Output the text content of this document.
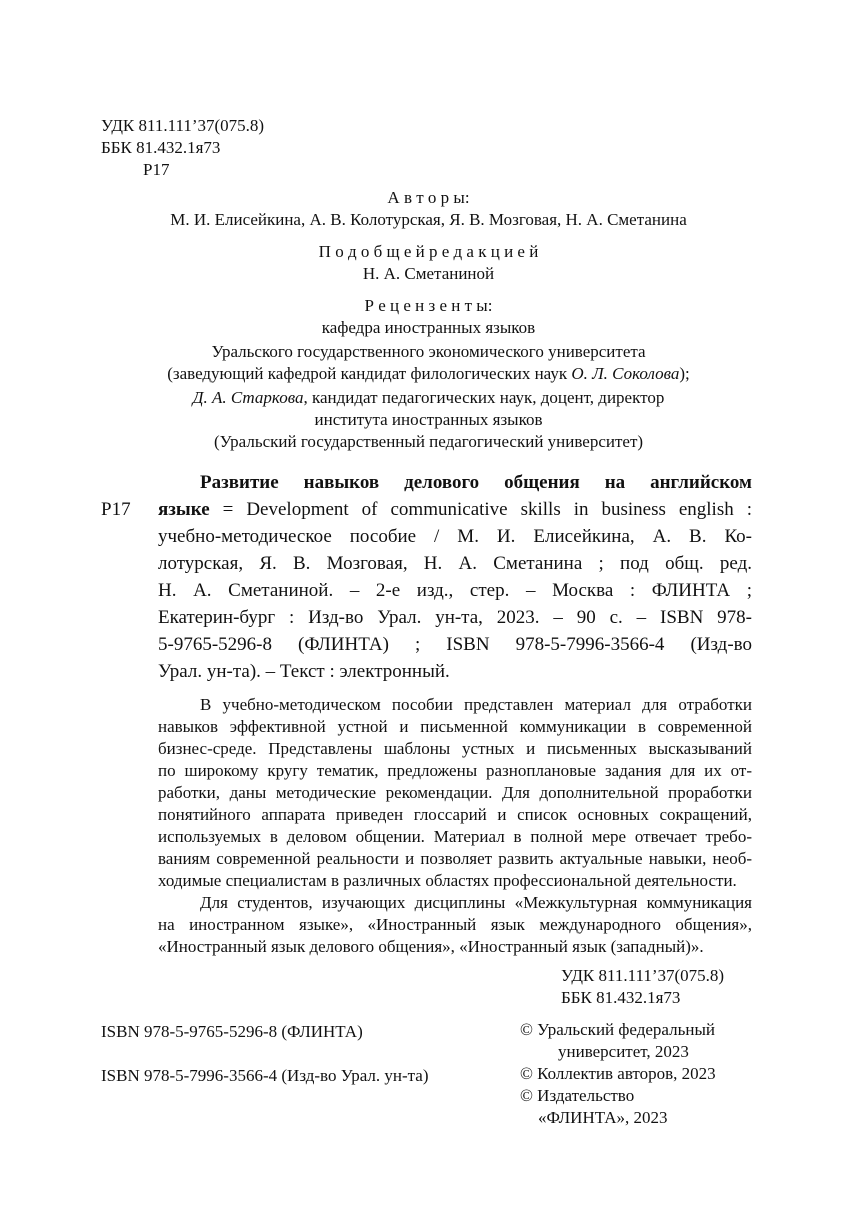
УДК 811.111’37(075.8)
ББК 81.432.1я73
Р17
А в т о р ы:
М. И. Елисейкина, А. В. Колотурская, Я. В. Мозговая, Н. А. Сметанина
П о д о б щ е й р е д а к ц и е й
Н. А. Сметаниной
Р е ц е н з е н т ы:
кафедра иностранных языков
Уральского государственного экономического университета
(заведующий кафедрой кандидат филологических наук О. Л. Соколова);
Д. А. Старкова, кандидат педагогических наук, доцент, директор
института иностранных языков
(Уральский государственный педагогический университет)
Р17
Развитие навыков делового общения на английском
языке = Development of communicative skills in business english :
учебно-методическое пособие / М. И. Елисейкина, А. В. Ко-
лотурская, Я. В. Мозговая, Н. А. Сметанина ; под общ. ред.
Н. А. Сметаниной. – 2-е изд., стер. – Москва : ФЛИНТА ;
Екатерин-бург : Изд-во Урал. ун-та, 2023. – 90 с. – ISBN 978-
5-9765-5296-8 (ФЛИНТА) ; ISBN 978-5-7996-3566-4 (Изд-во
Урал. ун-та). – Текст : электронный.
В учебно-методическом пособии представлен материал для отработки
навыков эффективной устной и письменной коммуникации в современной
бизнес-среде. Представлены шаблоны устных и письменных высказываний
по широкому кругу тематик, предложены разноплановые задания для их от-
работки, даны методические рекомендации. Для дополнительной проработки
понятийного аппарата приведен глоссарий и список основных сокращений,
используемых в деловом общении. Материал в полной мере отвечает требо-
ваниям современной реальности и позволяет развить актуальные навыки, необ-
ходимые специалистам в различных областях профессиональной деятельности.
Для студентов, изучающих дисциплины «Межкультурная коммуникация
на иностранном языке», «Иностранный язык международного общения»,
«Иностранный язык делового общения», «Иностранный язык (западный)».
УДК 811.111’37(075.8)
ББК 81.432.1я73
ISBN 978-5-9765-5296-8 (ФЛИНТА)
ISBN 978-5-7996-3566-4 (Изд-во Урал. ун-та)
© Уральский федеральный
университет, 2023
© Коллектив авторов, 2023
© Издательство
«ФЛИНТА», 2023
